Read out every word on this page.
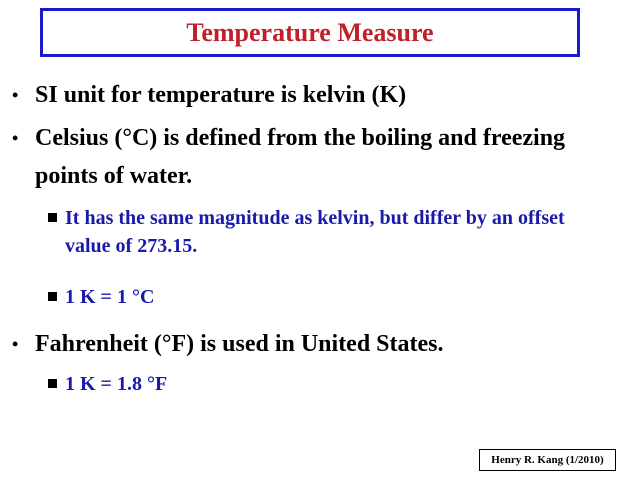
Temperature Measure
• SI unit for temperature is kelvin (K)
• Celsius (°C) is defined from the boiling and freezing points of water.
It has the same magnitude as kelvin, but differ by an offset value of 273.15.
1 K = 1 °C
• Fahrenheit (°F) is used in United States.
1 K = 1.8 °F
Henry R. Kang (1/2010)
